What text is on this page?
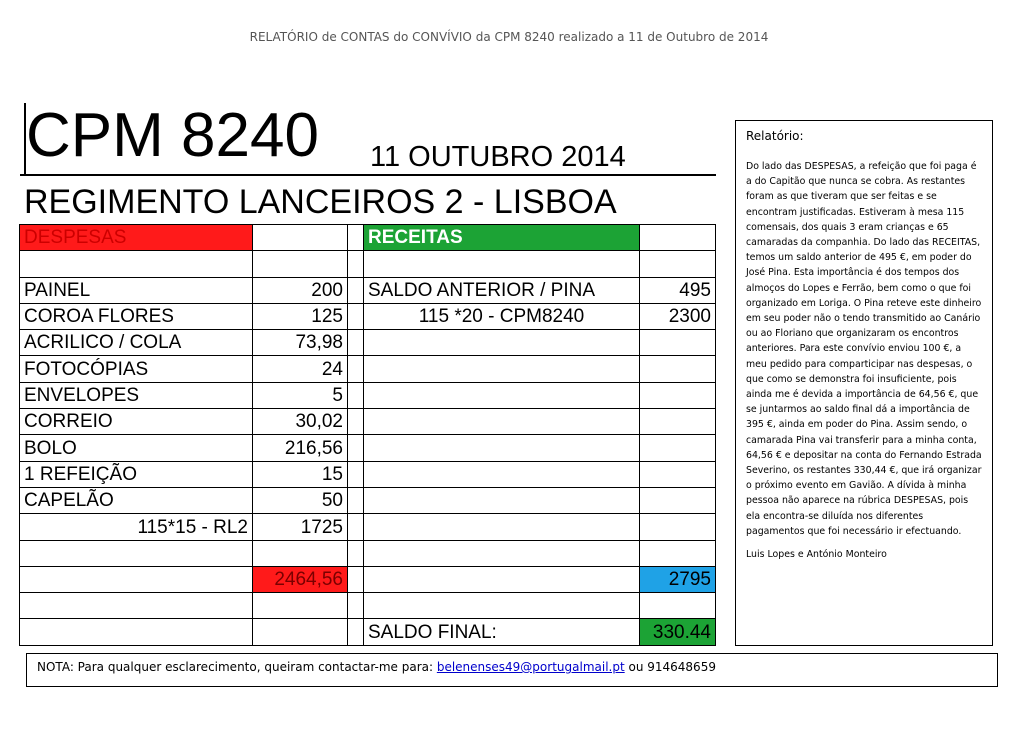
RELATÓRIO de CONTAS do CONVÍVIO da CPM 8240 realizado a 11 de Outubro de 2014
CPM 8240 11 OUTUBRO 2014
REGIMENTO LANCEIROS 2 - LISBOA
DESPESAS			RECEITAS	

PAINEL	200		SALDO ANTERIOR / PINA	495
COROA FLORES	125		115 *20 - CPM8240	2300
ACRILICO / COLA	73,98			
FOTOCÓPIAS	24			
ENVELOPES	5			
CORREIO	30,02			
BOLO	216,56			
1 REFEIÇÃO	15			
CAPELÃO	50			
115*15 - RL2	1725			

	2464,56			2795

			SALDO FINAL:	330.44
Relatório:
Do lado das DESPESAS, a refeição que foi paga é a do Capitão que nunca se cobra. As restantes foram as que tiveram que ser feitas e se encontram justificadas. Estiveram à mesa 115 comensais, dos quais 3 eram crianças e 65 camaradas da companhia. Do lado das RECEITAS, temos um saldo anterior de 495 €, em poder do José Pina. Esta importância é dos tempos dos almoços do Lopes e Ferrão, bem como o que foi organizado em Loriga. O Pina reteve este dinheiro em seu poder não o tendo transmitido ao Canário ou ao Floriano que organizaram os encontros anteriores. Para este convívio enviou 100 €, a meu pedido para comparticipar nas despesas, o que como se demonstra foi insuficiente, pois ainda me é devida a importância de 64,56 €, que se juntarmos ao saldo final dá a importância de 395 €, ainda em poder do Pina. Assim sendo, o camarada Pina vai transferir para a minha conta, 64,56 € e depositar na conta do Fernando Estrada Severino, os restantes 330,44 €, que irá organizar o próximo evento em Gavião. A dívida à minha pessoa não aparece na rúbrica DESPESAS, pois ela encontra-se diluída nos diferentes pagamentos que foi necessário ir efectuando.
Luis Lopes e António Monteiro
NOTA: Para qualquer esclarecimento, queiram contactar-me para: belenenses49@portugalmail.pt ou 914648659
